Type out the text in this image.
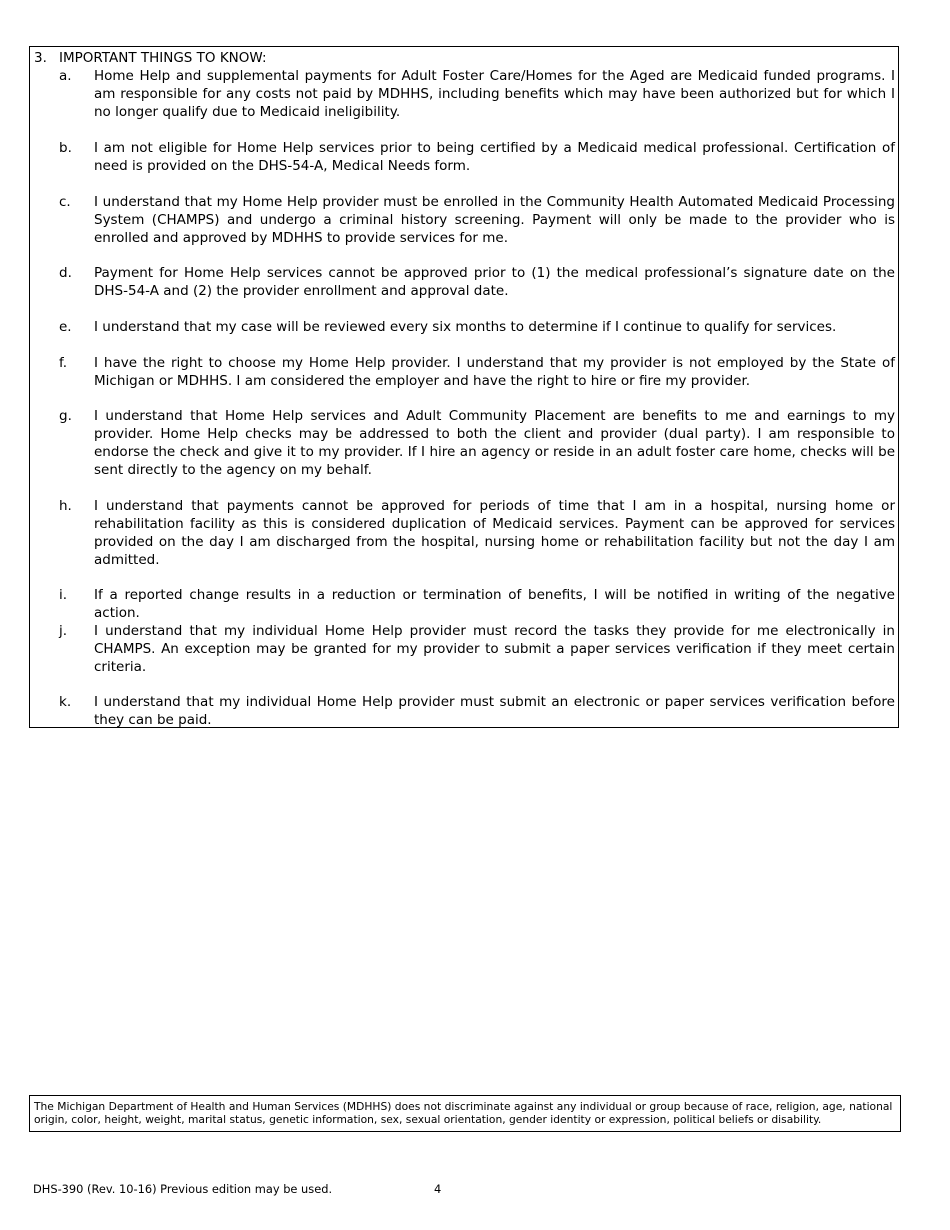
3. IMPORTANT THINGS TO KNOW:
a.	Home Help and supplemental payments for Adult Foster Care/Homes for the Aged are Medicaid funded programs. I am responsible for any costs not paid by MDHHS, including benefits which may have been authorized but for which I no longer qualify due to Medicaid ineligibility.
b.	I am not eligible for Home Help services prior to being certified by a Medicaid medical professional. Certification of need is provided on the DHS-54-A, Medical Needs form.
c.	I understand that my Home Help provider must be enrolled in the Community Health Automated Medicaid Processing System (CHAMPS) and undergo a criminal history screening. Payment will only be made to the provider who is enrolled and approved by MDHHS to provide services for me.
d.	Payment for Home Help services cannot be approved prior to (1) the medical professional’s signature date on the DHS-54-A and (2) the provider enrollment and approval date.
e.	I understand that my case will be reviewed every six months to determine if I continue to qualify for services.
f.	I have the right to choose my Home Help provider. I understand that my provider is not employed by the State of Michigan or MDHHS. I am considered the employer and have the right to hire or fire my provider.
g.	I understand that Home Help services and Adult Community Placement are benefits to me and earnings to my provider. Home Help checks may be addressed to both the client and provider (dual party). I am responsible to endorse the check and give it to my provider. If I hire an agency or reside in an adult foster care home, checks will be sent directly to the agency on my behalf.
h.	I understand that payments cannot be approved for periods of time that I am in a hospital, nursing home or rehabilitation facility as this is considered duplication of Medicaid services. Payment can be approved for services provided on the day I am discharged from the hospital, nursing home or rehabilitation facility but not the day I am admitted.
i.	If a reported change results in a reduction or termination of benefits, I will be notified in writing of the negative action.
j.	I understand that my individual Home Help provider must record the tasks they provide for me electronically in CHAMPS. An exception may be granted for my provider to submit a paper services verification if they meet certain criteria.
k.	I understand that my individual Home Help provider must submit an electronic or paper services verification before they can be paid.
The Michigan Department of Health and Human Services (MDHHS) does not discriminate against any individual or group because of race, religion, age, national origin, color, height, weight, marital status, genetic information, sex, sexual orientation, gender identity or expression, political beliefs or disability.
DHS-390 (Rev. 10-16) Previous edition may be used.	4
